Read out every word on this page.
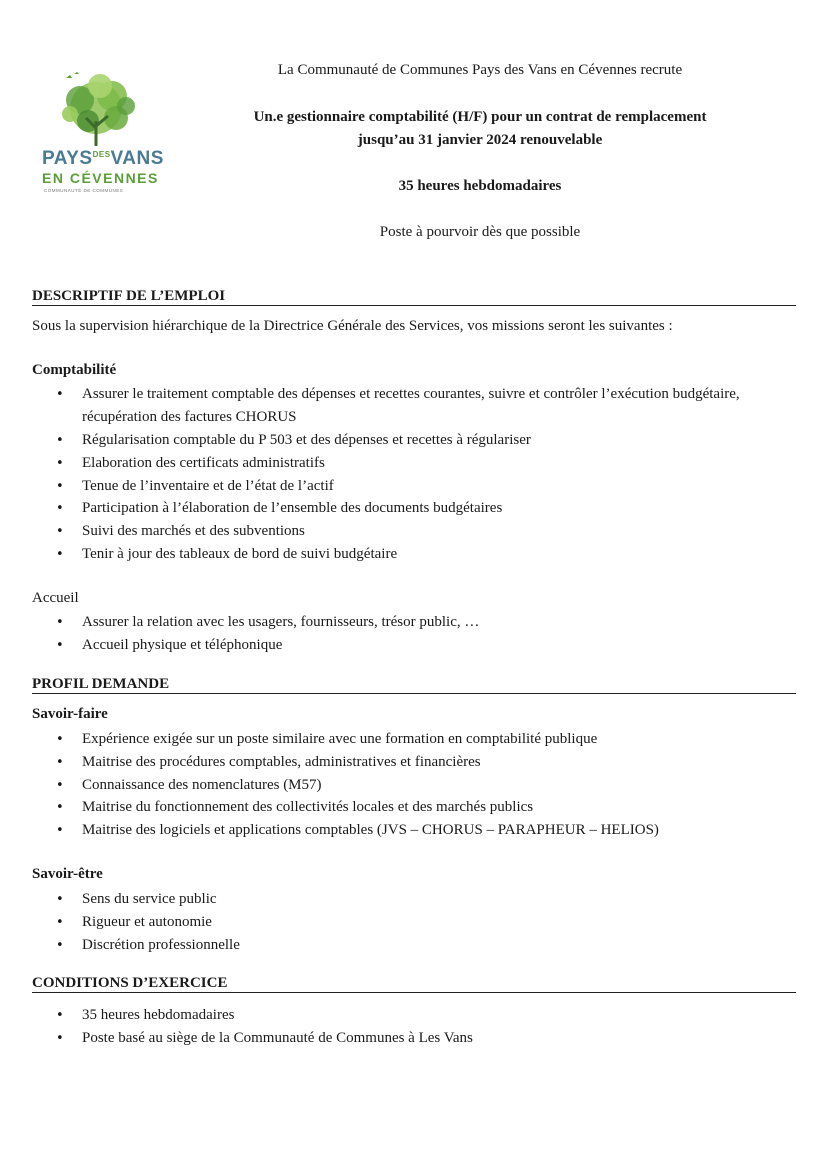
$PAYS^{DES}VANS$
EN CÉVENNES
COMMUNAUTÉ DE COMMUNES
La Communauté de Communes Pays des Vans en Cévennes recrute
Un.e gestionnaire comptabilité (H/F) pour un contrat de remplacement
jusqu’au 31 janvier 2024 renouvelable
35 heures hebdomadaires
Poste à pourvoir dès que possible
DESCRIPTIF DE L’EMPLOI
Sous la supervision hiérarchique de la Directrice Générale des Services, vos missions seront les suivantes :
Comptabilité
• Assurer le traitement comptable des dépenses et recettes courantes, suivre et contrôler l’exécution budgétaire, récupération des factures CHORUS
• Régularisation comptable du P 503 et des dépenses et recettes à régulariser
• Elaboration des certificats administratifs
• Tenue de l’inventaire et de l’état de l’actif
• Participation à l’élaboration de l’ensemble des documents budgétaires
• Suivi des marchés et des subventions
• Tenir à jour des tableaux de bord de suivi budgétaire
Accueil
• Assurer la relation avec les usagers, fournisseurs, trésor public, …
• Accueil physique et téléphonique
PROFIL DEMANDE
Savoir-faire
• Expérience exigée sur un poste similaire avec une formation en comptabilité publique
• Maitrise des procédures comptables, administratives et financières
• Connaissance des nomenclatures (M57)
• Maitrise du fonctionnement des collectivités locales et des marchés publics
• Maitrise des logiciels et applications comptables (JVS – CHORUS – PARAPHEUR – HELIOS)
Savoir-être
• Sens du service public
• Rigueur et autonomie
• Discrétion professionnelle
CONDITIONS D’EXERCICE
• 35 heures hebdomadaires
• Poste basé au siège de la Communauté de Communes à Les Vans
